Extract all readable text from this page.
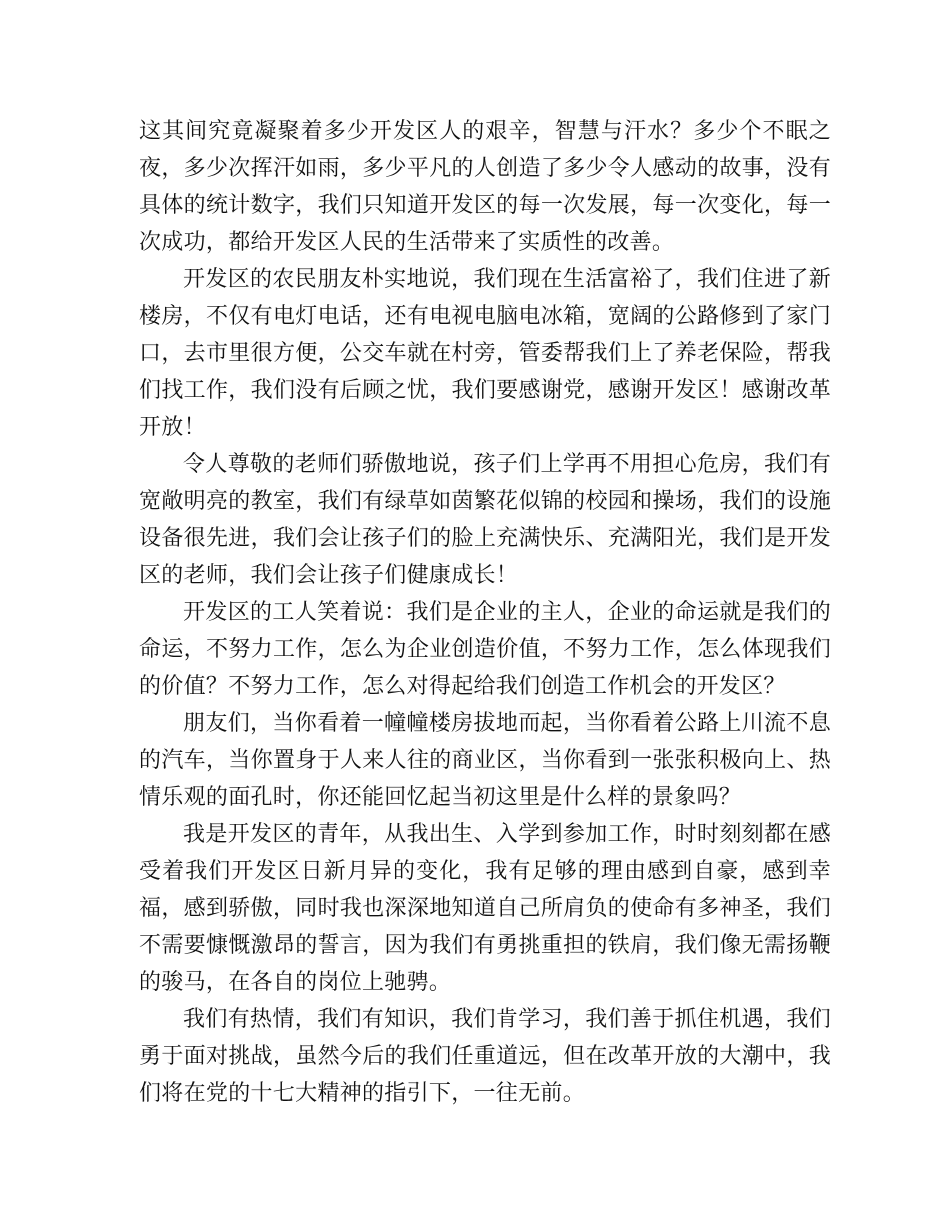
这其间究竟凝聚着多少开发区人的艰辛，智慧与汗水？多少个不眠之夜，多少次挥汗如雨，多少平凡的人创造了多少令人感动的故事，没有具体的统计数字，我们只知道开发区的每一次发展，每一次变化，每一次成功，都给开发区人民的生活带来了实质性的改善。

开发区的农民朋友朴实地说，我们现在生活富裕了，我们住进了新楼房，不仅有电灯电话，还有电视电脑电冰箱，宽阔的公路修到了家门口，去市里很方便，公交车就在村旁，管委帮我们上了养老保险，帮我们找工作，我们没有后顾之忧，我们要感谢党，感谢开发区！感谢改革开放！

令人尊敬的老师们骄傲地说，孩子们上学再不用担心危房，我们有宽敞明亮的教室，我们有绿草如茵繁花似锦的校园和操场，我们的设施设备很先进，我们会让孩子们的脸上充满快乐、充满阳光，我们是开发区的老师，我们会让孩子们健康成长！

开发区的工人笑着说：我们是企业的主人，企业的命运就是我们的命运，不努力工作，怎么为企业创造价值，不努力工作，怎么体现我们的价值？不努力工作，怎么对得起给我们创造工作机会的开发区？

朋友们，当你看着一幢幢楼房拔地而起，当你看着公路上川流不息的汽车，当你置身于人来人往的商业区，当你看到一张张积极向上、热情乐观的面孔时，你还能回忆起当初这里是什么样的景象吗？

我是开发区的青年，从我出生、入学到参加工作，时时刻刻都在感受着我们开发区日新月异的变化，我有足够的理由感到自豪，感到幸福，感到骄傲，同时我也深深地知道自己所肩负的使命有多神圣，我们不需要慷慨激昂的誓言，因为我们有勇挑重担的铁肩，我们像无需扬鞭的骏马，在各自的岗位上驰骋。

我们有热情，我们有知识，我们肯学习，我们善于抓住机遇，我们勇于面对挑战，虽然今后的我们任重道远，但在改革开放的大潮中，我们将在党的十七大精神的指引下，一往无前。
